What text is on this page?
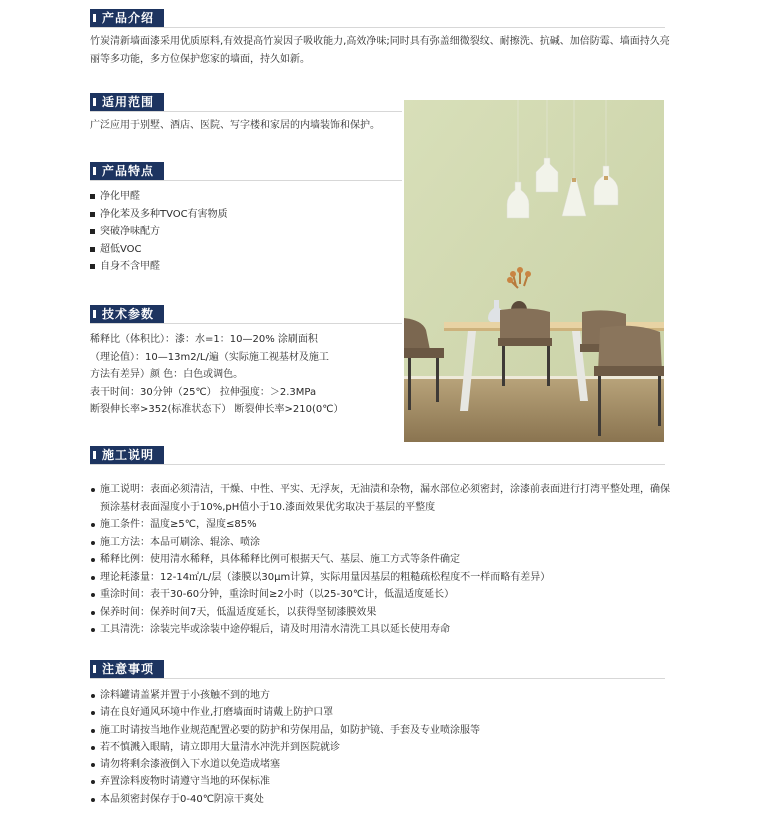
产品介绍
竹炭清新墙面漆采用优质原料,有效提高竹炭因子吸收能力,高效净味;同时具有弥盖细微裂纹、耐擦洗、抗碱、加倍防霉、墙面持久亮丽等多功能，多方位保护您家的墙面，持久如新。
适用范围
广泛应用于别墅、酒店、医院、写字楼和家居的内墙装饰和保护。
产品特点
净化甲醛
净化苯及多种TVOC有害物质
突破净味配方
超低VOC
自身不含甲醛
技术参数
稀释比（体积比）：漆：水=1：10—20% 涂刷面积
（理论值）：10—13m2/L/遍（实际施工视基材及施工
方法有差异）颜 色：白色或调色。
表干时间：30分钟（25℃） 拉伸强度：＞2.3MPa
断裂伸长率>352(标准状态下） 断裂伸长率>210(0℃）
施工说明
施工说明：表面必须清洁，干燥、中性、平实、无浮灰，无油渍和杂物，漏水部位必须密封，涂漆前表面进行打湾平整处理，确保预涂基材表面湿度小于10%,pH值小于10.漆面效果优劣取决于基层的平整度
施工条件：温度≥5℃，湿度≤85%
施工方法：本品可刷涂、辊涂、喷涂
稀释比例：使用清水稀释，具体稀释比例可根据天气、基层、施工方式等条件确定
理论耗漆量：12-14㎡/L/层（漆膜以30μm计算，实际用量因基层的粗糙疏松程度不一样而略有差异）
重涂时间：表干30-60分钟，重涂时间≥2小时（以25-30℃计，低温适度延长）
保养时间：保养时间7天，低温适度延长，以获得坚韧漆膜效果
工具清洗：涂装完毕或涂装中途停辊后，请及时用清水清洗工具以延长使用寿命
注意事项
涂料罐请盖紧并置于小孩触不到的地方
请在良好通风环境中作业,打磨墙面时请戴上防护口罩
施工时请按当地作业规范配置必要的防护和劳保用品，如防护镜、手套及专业喷涂服等
若不慎溅入眼睛，请立即用大量清水冲洗并到医院就诊
请勿将剩余漆液倒入下水道以免造成堵塞
弃置涂料废物时请遵守当地的环保标准
本品须密封保存于0-40℃阴凉干爽处
